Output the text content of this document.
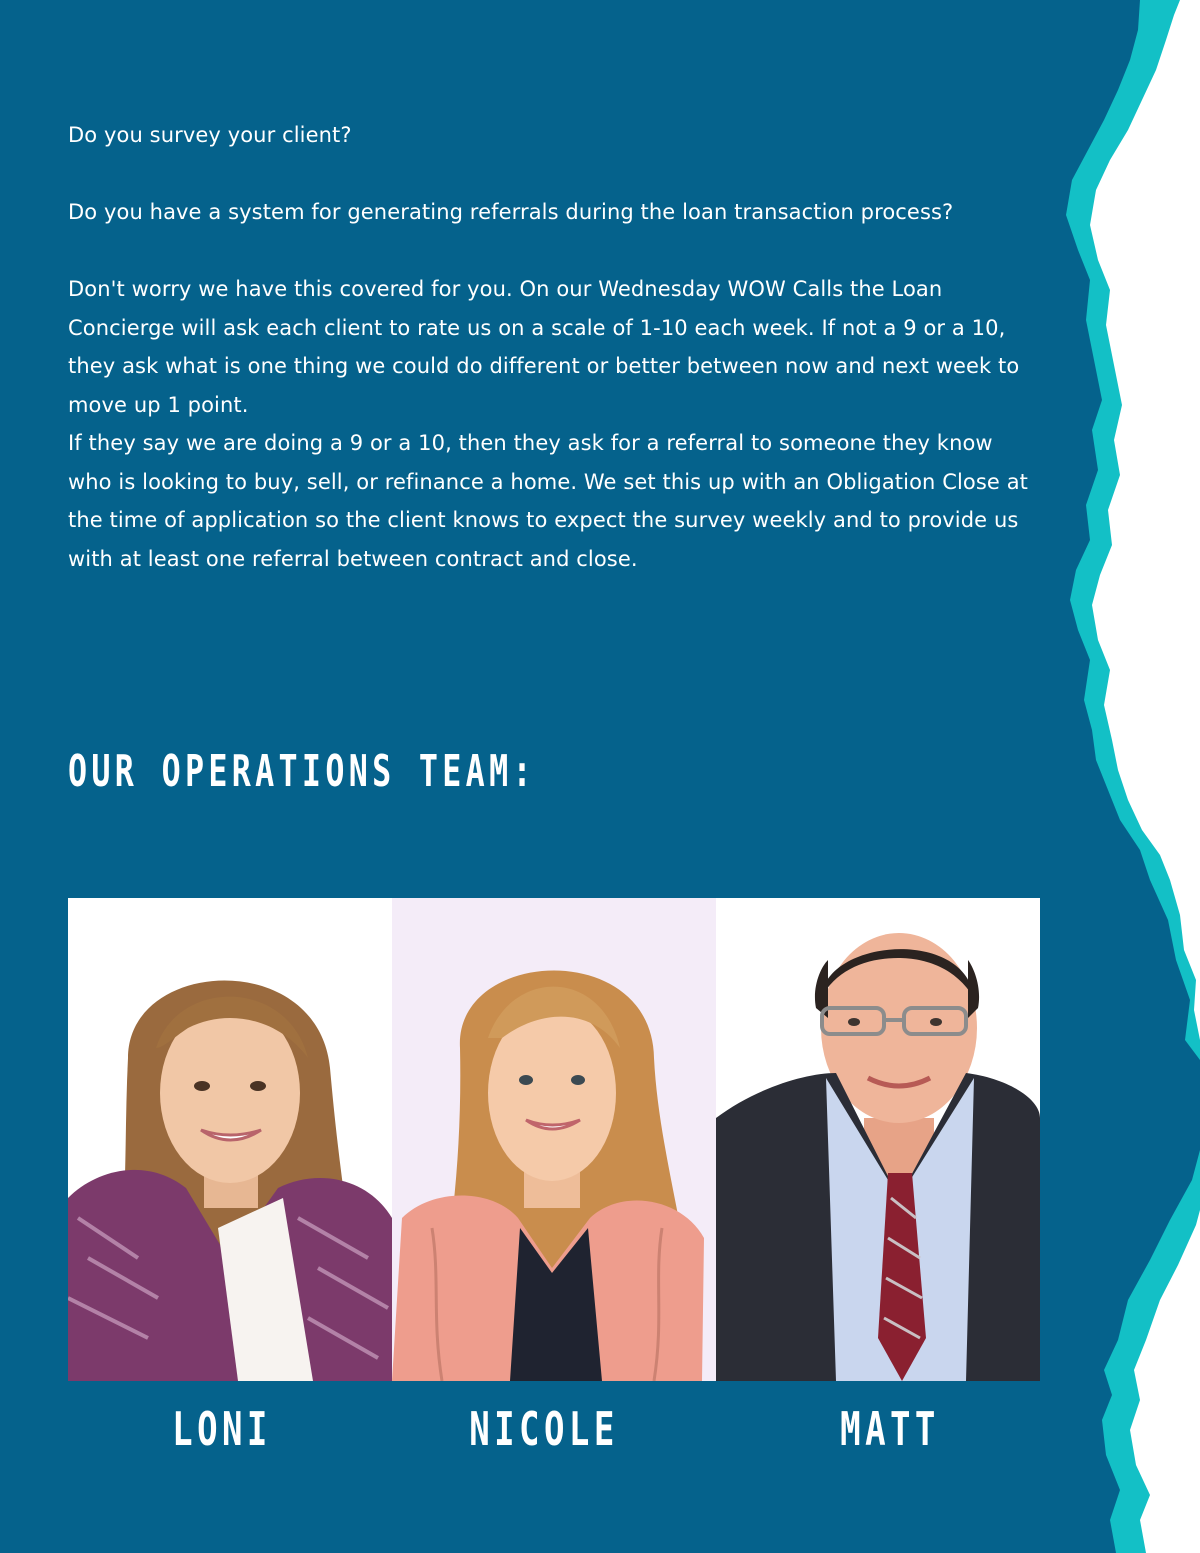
Do you survey your client?

Do you have a system for generating referrals during the loan transaction process?

Don't worry we have this covered for you. On our Wednesday WOW Calls the Loan Concierge will ask each client to rate us on a scale of 1-10 each week. If not a 9 or a 10, they ask what is one thing we could do different or better between now and next week to move up 1 point.

If they say we are doing a 9 or a 10, then they ask for a referral to someone they know who is looking to buy, sell, or refinance a home. We set this up with an Obligation Close at the time of application so the client knows to expect the survey weekly and to provide us with at least one referral between contract and close.

OUR OPERATIONS TEAM:
LONI	NICOLE	MATT
